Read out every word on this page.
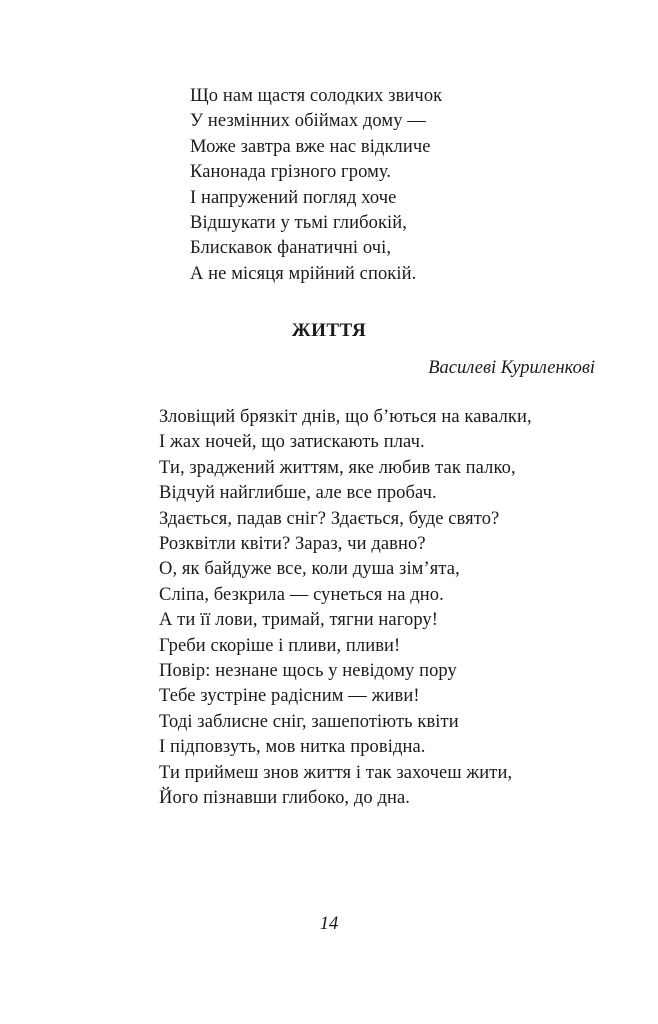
Що нам щастя солодких звичок
У незмінних обіймах дому —
Може завтра вже нас відкличе
Канонада грізного грому.
І напружений погляд хоче
Відшукати у тьмі глибокій,
Блискавок фанатичні очі,
А не місяця мрійний спокій.
ЖИТТЯ
Василеві Куриленкові
Зловіщий брязкіт днів, що б’ються на кавалки,
І жах ночей, що затискають плач.
Ти, зраджений життям, яке любив так палко,
Відчуй найглибше, але все пробач.
Здається, падав сніг? Здається, буде свято?
Розквітли квіти? Зараз, чи давно?
О, як байдуже все, коли душа зім’ята,
Сліпа, безкрила — сунеться на дно.
А ти її лови, тримай, тягни нагору!
Греби скоріше і пливи, пливи!
Повір: незнане щось у невідому пору
Тебе зустріне радісним — живи!
Тоді заблисне сніг, зашепотіють квіти
І підповзуть, мов нитка провідна.
Ти приймеш знов життя і так захочеш жити,
Його пізнавши глибоко, до дна.
14
